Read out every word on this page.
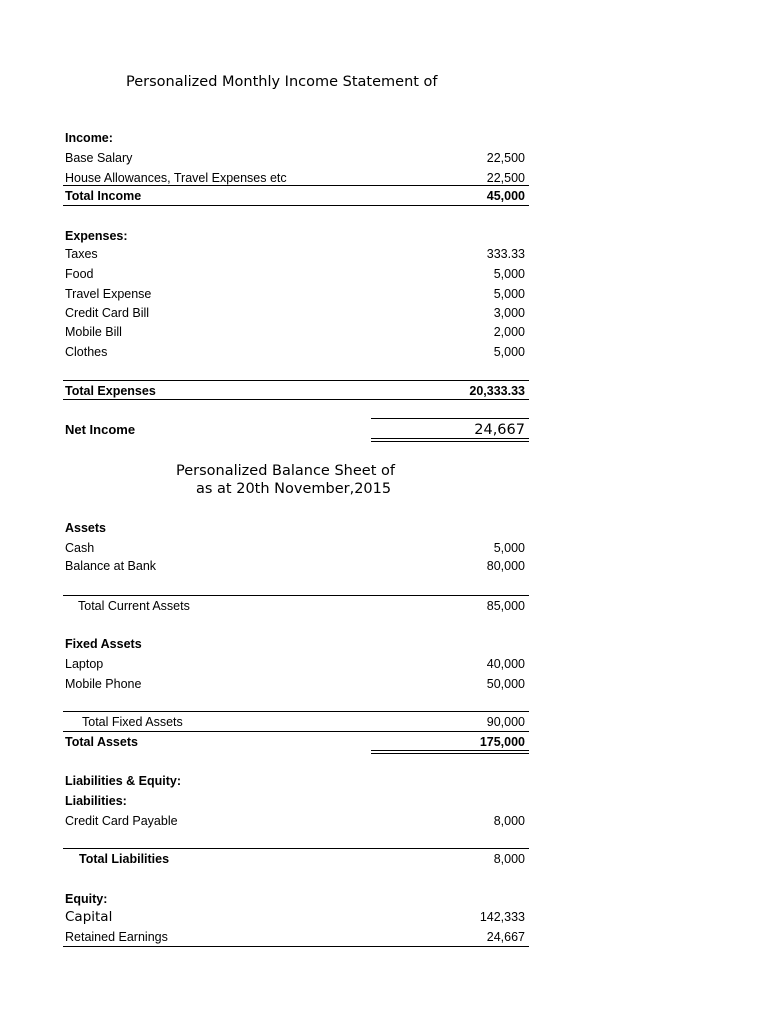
Personalized Monthly Income Statement of
Income:
Base Salary	22,500
House Allowances, Travel Expenses etc	22,500
Total Income	45,000
Expenses:
Taxes	333.33
Food	5,000
Travel Expense	5,000
Credit Card Bill	3,000
Mobile Bill	2,000
Clothes	5,000
Total Expenses	20,333.33
Net Income	24,667
Personalized Balance Sheet of
as at 20th November,2015
Assets
Cash	5,000
Balance at Bank	80,000
Total Current Assets	85,000
Fixed Assets
Laptop	40,000
Mobile Phone	50,000
Total Fixed Assets	90,000
Total Assets	175,000
Liabilities & Equity:
Liabilities:
Credit Card Payable	8,000
Total Liabilities	8,000
Equity:
Capital	142,333
Retained Earnings	24,667
